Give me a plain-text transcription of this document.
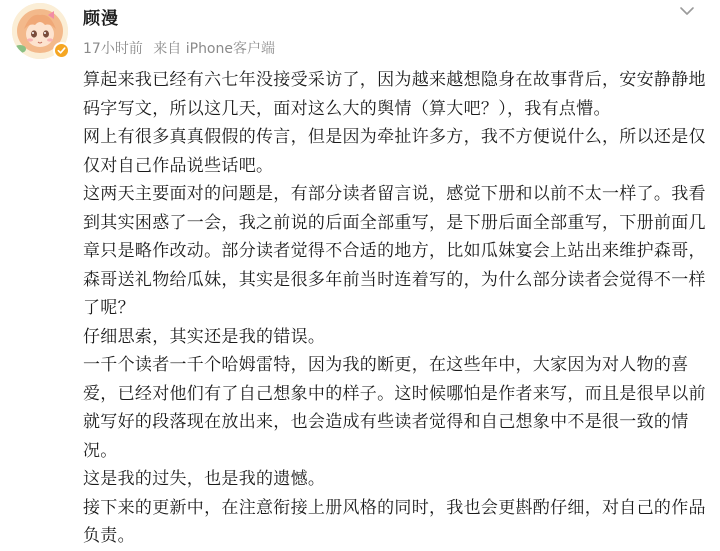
顾漫
17小时前 来自 iPhone客户端

算起来我已经有六七年没接受采访了，因为越来越想隐身在故事背后，安安静静地码字写文，所以这几天，面对这么大的舆情（算大吧？），我有点懵。

网上有很多真真假假的传言，但是因为牵扯许多方，我不方便说什么，所以还是仅仅对自己作品说些话吧。

这两天主要面对的问题是，有部分读者留言说，感觉下册和以前不太一样了。我看到其实困惑了一会，我之前说的后面全部重写，是下册后面全部重写，下册前面几章只是略作改动。部分读者觉得不合适的地方，比如瓜妹宴会上站出来维护森哥，森哥送礼物给瓜妹，其实是很多年前当时连着写的，为什么部分读者会觉得不一样了呢？

仔细思索，其实还是我的错误。

一千个读者一千个哈姆雷特，因为我的断更，在这些年中，大家因为对人物的喜爱，已经对他们有了自己想象中的样子。这时候哪怕是作者来写，而且是很早以前就写好的段落现在放出来，也会造成有些读者觉得和自己想象中不是很一致的情况。

这是我的过失，也是我的遗憾。

接下来的更新中，在注意衔接上册风格的同时，我也会更斟酌仔细，对自己的作品负责。
